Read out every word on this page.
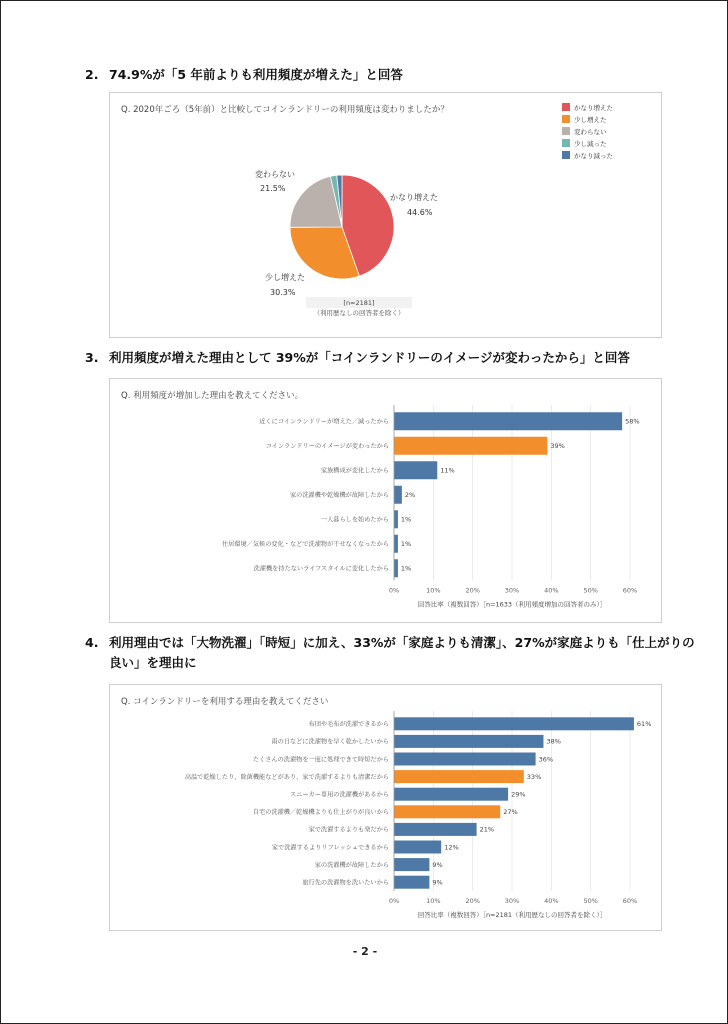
2. 74.9%が「5 年前よりも利用頻度が増えた」と回答
Q. 2020年ごろ（5年前）と比較してコインランドリーの利用頻度は変わりましたか？
かなり増えた
44.6%
少し増えた
30.3%
変わらない
21.5%
[n=2181]
（利用歴なしの回答者を除く）
かなり増えた
少し増えた
変わらない
少し減った
かなり減った
3. 利用頻度が増えた理由として 39%が「コインランドリーのイメージが変わったから」と回答
Q. 利用頻度が増加した理由を教えてください。
0%	10%	20%	30%	40%	50%	60%
近くにコインランドリーが増えた／減ったから	58%
コインランドリーのイメージが変わったから	39%
家族構成が変化したから	11%
家の洗濯機や乾燥機が故障したから 2%
一人暮らしを始めたから 1%
住居環境／気候の変化・などで洗濯物が干せなくなったから 1%
洗濯機を持たないライフスタイルに変化したから 1%
回答比率（複数回答）［n=1633（利用頻度増加の回答者のみ）］
4. 利用理由では「大物洗濯」「時短」に加え、33%が「家庭よりも清潔」、27%が家庭よりも「仕上がりの
良い」を理由に
Q. コインランドリーを利用する理由を教えてください
0%	10%	20%	30%	40%	50%	60%
布団や毛布が洗濯できるから	61%
雨の日などに洗濯物を早く乾かしたいから	38%
たくさんの洗濯物を一度に処理できて時短だから	36%
高温で乾燥したり、除菌機能などがあり、家で洗濯するよりも清潔だから	33%
スニーカー専用の洗濯機があるから	29%
自宅の洗濯機／乾燥機よりも仕上がりが良いから	27%
家で洗濯するよりも楽だから	21%
家で洗濯するよりリフレッシュできるから	12%
家の洗濯機が故障したから	9%
旅行先の洗濯物を洗いたいから	9%
回答比率（複数回答）［n=2181（利用歴なしの回答者を除く）］
- 2 -
